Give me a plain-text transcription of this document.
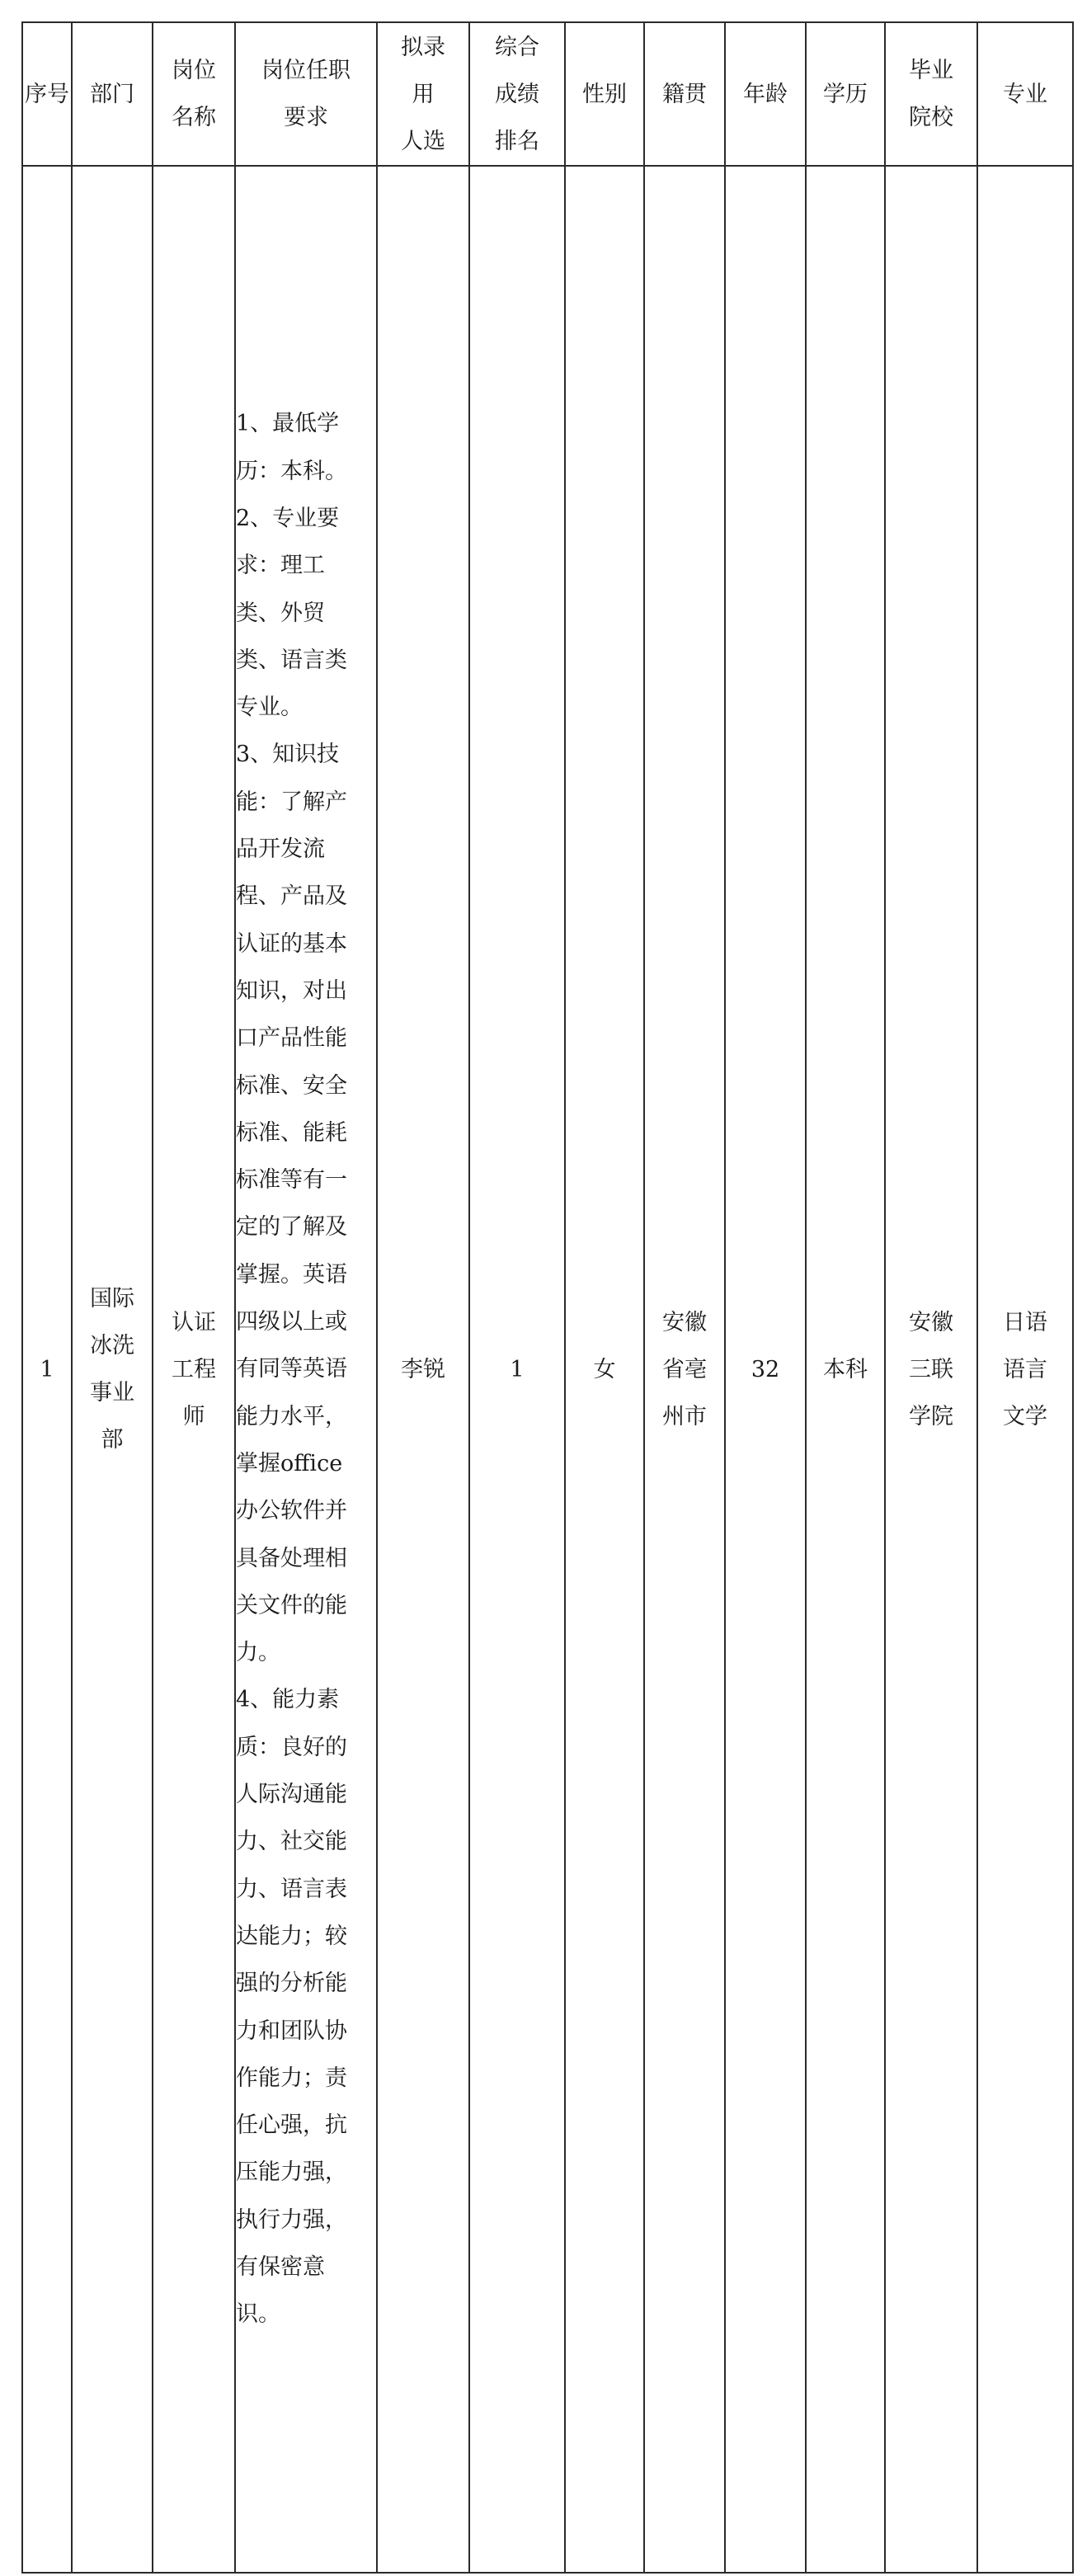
序号	部门	岗位名称	岗位任职要求	拟录用 人选	综合成绩排名	性别	籍贯	年龄	学历	毕业院校	专业
1	国际冰洗事业部	认证工程师	1、最低学历：本科。
2、专业要求：理工类、外贸类、语言类专业。
3、知识技能：了解产品开发流程、产品及认证的基本知识，对出口产品性能标准、安全标准、能耗标准等有一定的了解及掌握。英语四级以上或有同等英语能力水平，掌握office办公软件并具备处理相关文件的能力。
4、能力素质：良好的人际沟通能力、社交能力、语言表达能力；较强的分析能力和团队协作能力；责任心强，抗压能力强，执行力强，有保密意识。	李锐	1	女	安徽省亳州市	32	本科	安徽三联学院	日语语言文学
